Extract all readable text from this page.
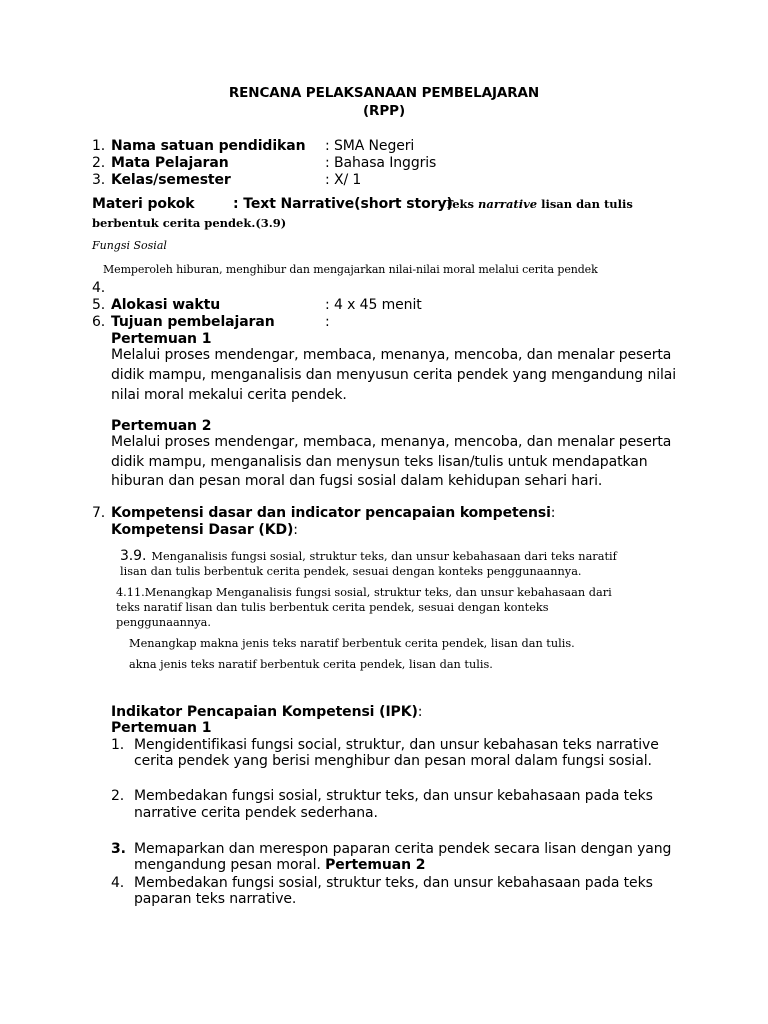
RENCANA PELAKSANAAN PEMBELAJARAN
(RPP)
1. Nama satuan pendidikan : SMA Negeri
2. Mata Pelajaran	: Bahasa Inggris
3. Kelas/semester	: X/ 1
Materi pokok	: Text Narrative(short story)
Teks narrative lisan dan tulis
berbentuk cerita pendek.(3.9)
Fungsi Sosial
Memperoleh hiburan, menghibur dan mengajarkan nilai-nilai moral melalui cerita pendek
4.
5. Alokasi waktu	: 4 x 45 menit
6. Tujuan pembelajaran	:
Pertemuan 1
Melalui proses mendengar, membaca, menanya, mencoba, dan menalar peserta
didik mampu, menganalisis dan menyusun cerita pendek yang mengandung nilai
nilai moral mekalui cerita pendek.
Pertemuan 2
Melalui proses mendengar, membaca, menanya, mencoba, dan menalar peserta
didik mampu, menganalisis dan menysun teks lisan/tulis untuk mendapatkan
hiburan dan pesan moral dan fugsi sosial dalam kehidupan sehari hari.
7. Kompetensi dasar dan indicator pencapaian kompetensi:
Kompetensi Dasar (KD):
3.9. Menganalisis fungsi sosial, struktur teks, dan unsur kebahasaan dari teks naratif
lisan dan tulis berbentuk cerita pendek, sesuai dengan konteks penggunaannya.
4.11.Menangkap Menganalisis fungsi sosial, struktur teks, dan unsur kebahasaan dari
teks naratif lisan dan tulis berbentuk cerita pendek, sesuai dengan konteks
penggunaannya.
Menangkap makna jenis teks naratif berbentuk cerita pendek, lisan dan tulis.
akna jenis teks naratif berbentuk cerita pendek, lisan dan tulis.
Indikator Pencapaian Kompetensi (IPK):
Pertemuan 1
1. Mengidentifikasi fungsi social, struktur, dan unsur kebahasan teks narrative
cerita pendek yang berisi menghibur dan pesan moral dalam fungsi sosial.
2. Membedakan fungsi sosial, struktur teks, dan unsur kebahasaan pada teks
narrative cerita pendek sederhana.
3. Memaparkan dan merespon paparan cerita pendek secara lisan dengan yang
mengandung pesan moral. Pertemuan 2
4. Membedakan fungsi sosial, struktur teks, dan unsur kebahasaan pada teks
paparan teks narrative.
